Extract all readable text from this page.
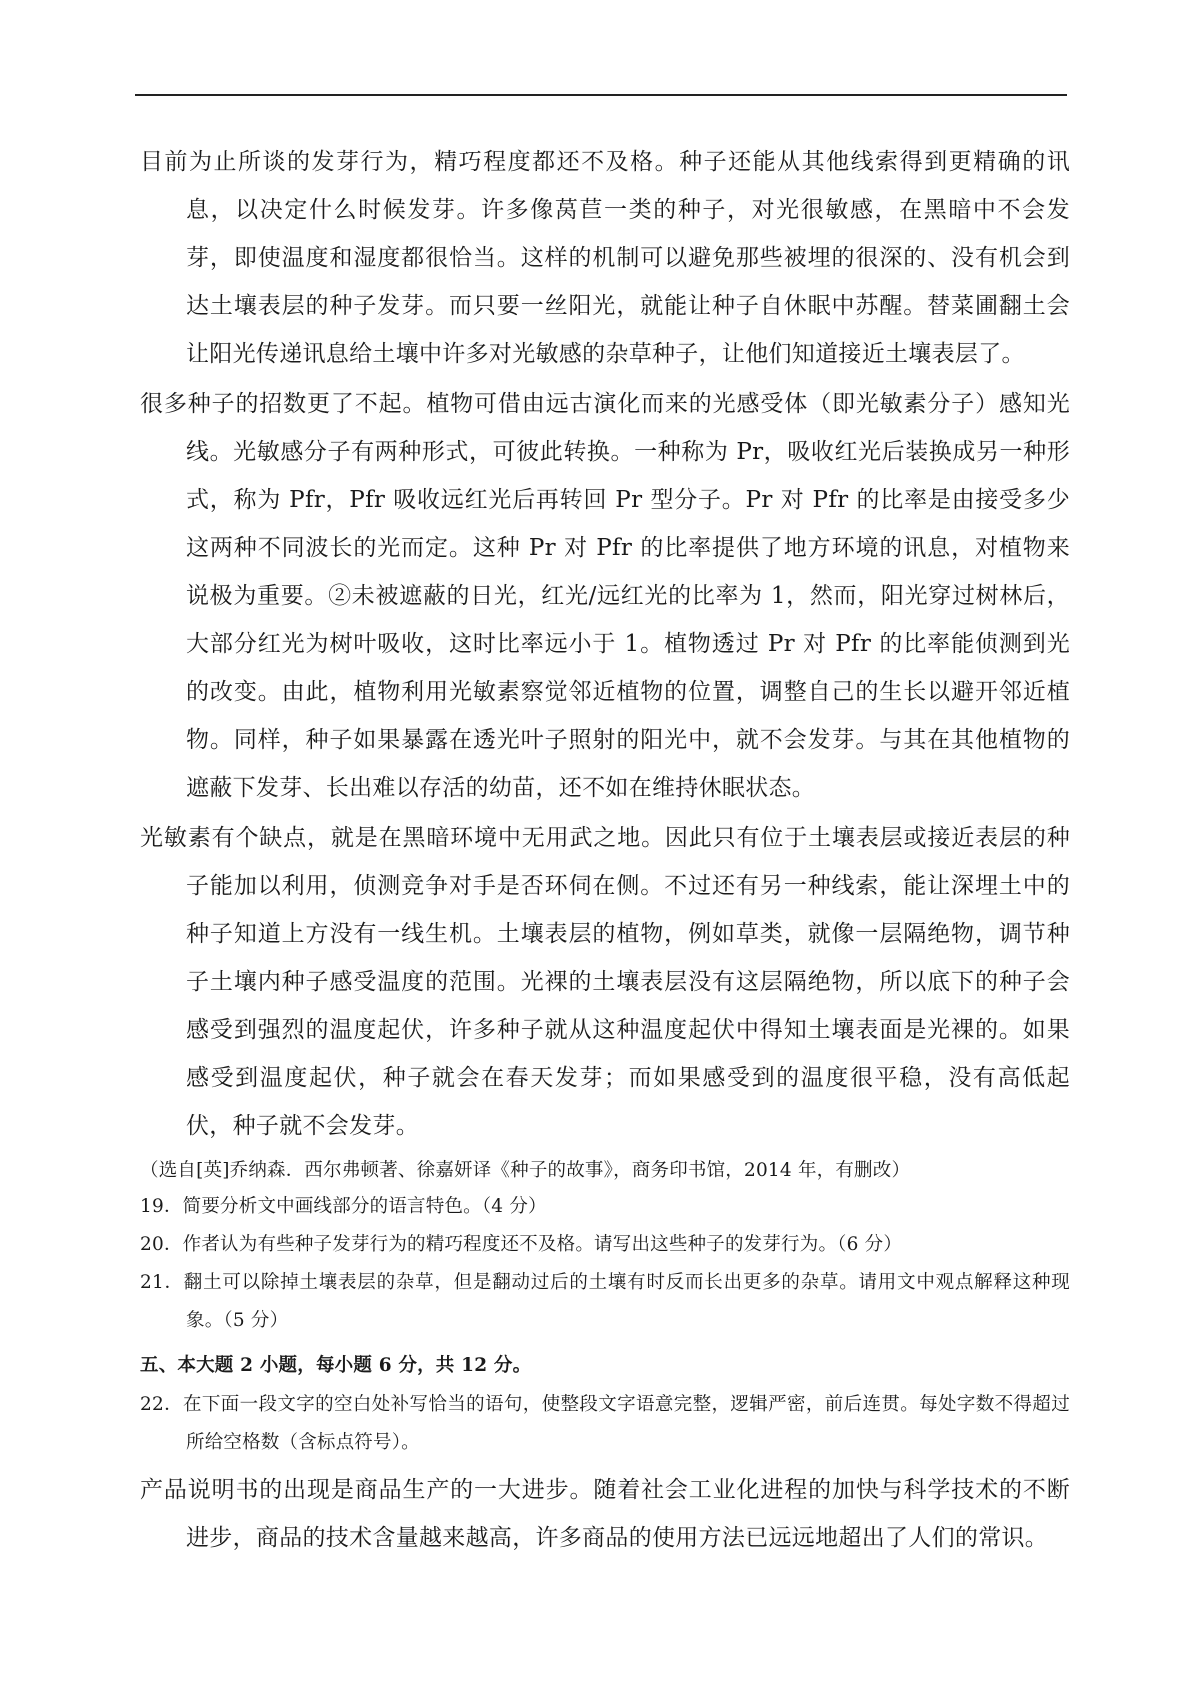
目前为止所谈的发芽行为，精巧程度都还不及格。种子还能从其他线索得到更精确的讯息，以决定什么时候发芽。许多像莴苣一类的种子，对光很敏感，在黑暗中不会发芽，即使温度和湿度都很恰当。这样的机制可以避免那些被埋的很深的、没有机会到达土壤表层的种子发芽。而只要一丝阳光，就能让种子自休眠中苏醒。替菜圃翻土会让阳光传递讯息给土壤中许多对光敏感的杂草种子，让他们知道接近土壤表层了。

很多种子的招数更了不起。植物可借由远古演化而来的光感受体（即光敏素分子）感知光线。光敏感分子有两种形式，可彼此转换。一种称为 Pr，吸收红光后装换成另一种形式，称为 Pfr，Pfr 吸收远红光后再转回 Pr 型分子。Pr 对 Pfr 的比率是由接受多少这两种不同波长的光而定。这种 Pr 对 Pfr 的比率提供了地方环境的讯息，对植物来说极为重要。②未被遮蔽的日光，红光/远红光的比率为 1，然而，阳光穿过树林后，大部分红光为树叶吸收，这时比率远小于 1。植物透过 Pr 对 Pfr 的比率能侦测到光的改变。由此，植物利用光敏素察觉邻近植物的位置，调整自己的生长以避开邻近植物。同样，种子如果暴露在透光叶子照射的阳光中，就不会发芽。与其在其他植物的遮蔽下发芽、长出难以存活的幼苗，还不如在维持休眠状态。

光敏素有个缺点，就是在黑暗环境中无用武之地。因此只有位于土壤表层或接近表层的种子能加以利用，侦测竞争对手是否环伺在侧。不过还有另一种线索，能让深埋土中的种子知道上方没有一线生机。土壤表层的植物，例如草类，就像一层隔绝物，调节种子土壤内种子感受温度的范围。光裸的土壤表层没有这层隔绝物，所以底下的种子会感受到强烈的温度起伏，许多种子就从这种温度起伏中得知土壤表面是光裸的。如果感受到温度起伏，种子就会在春天发芽；而如果感受到的温度很平稳，没有高低起伏，种子就不会发芽。

（选自[英]乔纳森．西尔弗顿著、徐嘉妍译《种子的故事》，商务印书馆，2014 年，有删改）

19．简要分析文中画线部分的语言特色。（4 分）

20．作者认为有些种子发芽行为的精巧程度还不及格。请写出这些种子的发芽行为。（6 分）

21．翻土可以除掉土壤表层的杂草，但是翻动过后的土壤有时反而长出更多的杂草。请用文中观点解释这种现象。（5 分）

五、本大题 2 小题，每小题 6 分，共 12 分。

22．在下面一段文字的空白处补写恰当的语句，使整段文字语意完整，逻辑严密，前后连贯。每处字数不得超过所给空格数（含标点符号）。

产品说明书的出现是商品生产的一大进步。随着社会工业化进程的加快与科学技术的不断进步，商品的技术含量越来越高，许多商品的使用方法已远远地超出了人们的常识。
